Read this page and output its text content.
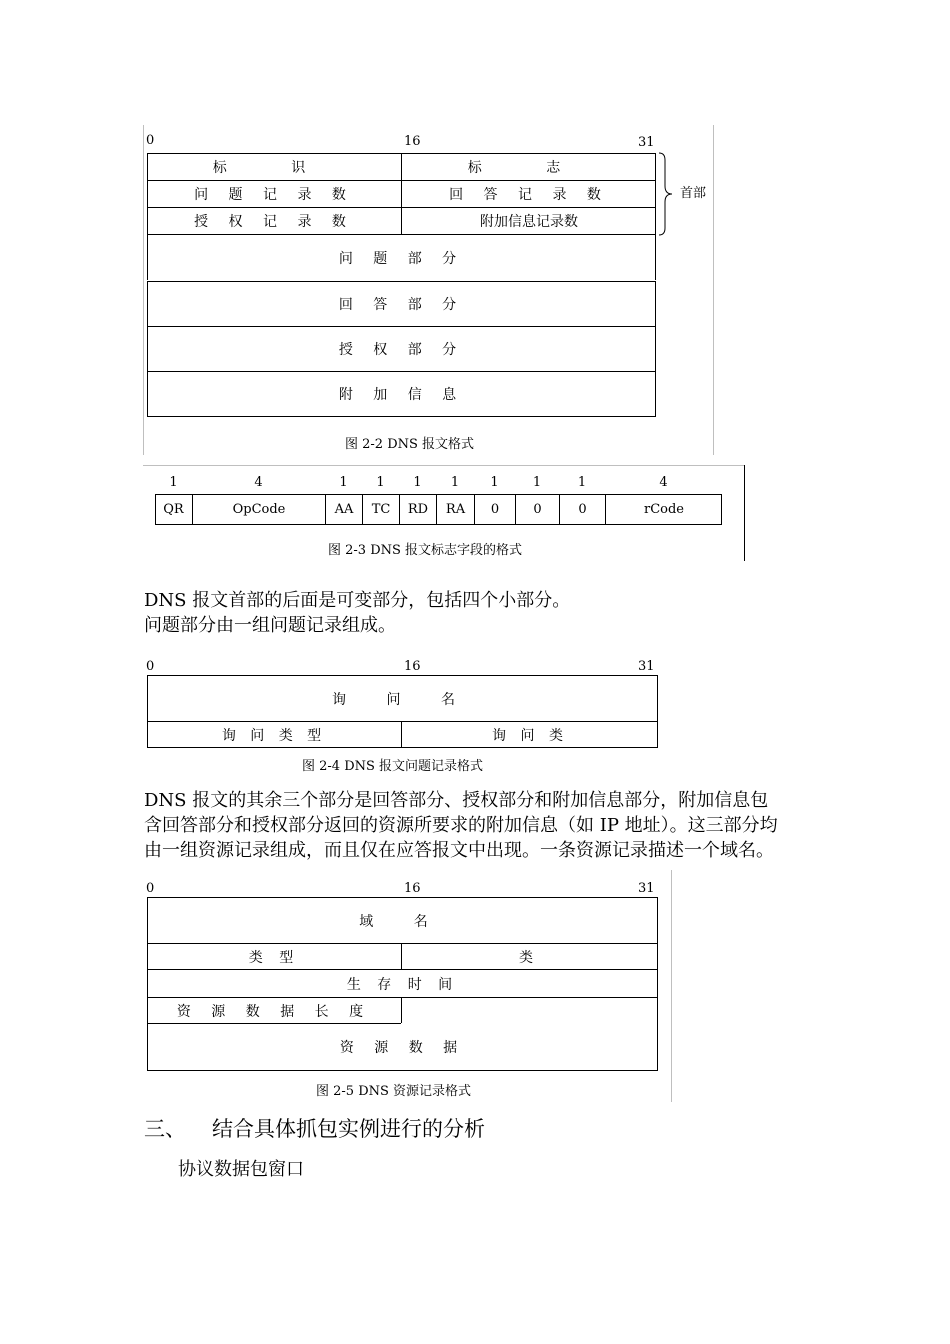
0	16	31
标 识	标 志
问 题 记 录 数	回 答 记 录 数
授 权 记 录 数	附加信息记录数
首部
问 题 部 分
回 答 部 分
授 权 部 分
附 加 信 息
图 2-2 DNS 报文格式
1	4	1	1	1	1	1	1	1	4
QR	OpCode	AA	TC	RD	RA	0	0	0	rCode
图 2-3 DNS 报文标志字段的格式
DNS 报文首部的后面是可变部分，包括四个小部分。
问题部分由一组问题记录组成。
0	16	31
询 问 名
询 问 类 型	询 问 类
图 2-4 DNS 报文问题记录格式
DNS 报文的其余三个部分是回答部分、授权部分和附加信息部分，附加信息包
含回答部分和授权部分返回的资源所要求的附加信息（如 IP 地址）。这三部分均
由一组资源记录组成，而且仅在应答报文中出现。一条资源记录描述一个域名。
0	16	31
域 名
类 型	类
生 存 时 间
资 源 数 据 长 度
资 源 数 据
图 2-5 DNS 资源记录格式
三、 结合具体抓包实例进行的分析
协议数据包窗口
